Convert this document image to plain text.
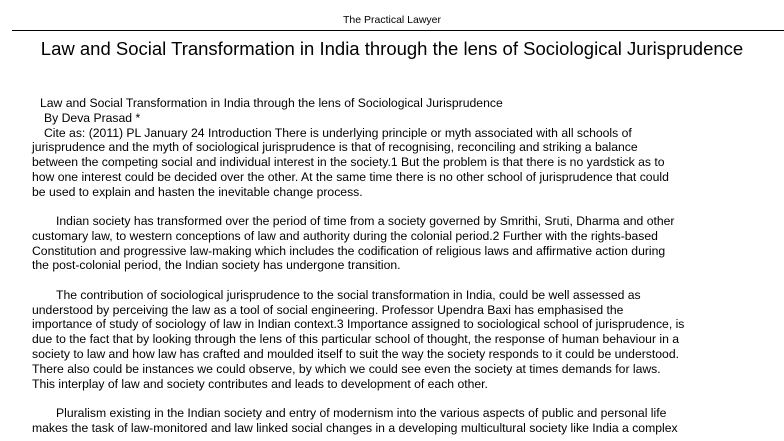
The Practical Lawyer
Law and Social Transformation in India through the lens of Sociological Jurisprudence
Law and Social Transformation in India through the lens of Sociological Jurisprudence
By Deva Prasad *
Cite as: (2011) PL January 24 Introduction There is underlying principle or myth associated with all schools of
jurisprudence and the myth of sociological jurisprudence is that of recognising, reconciling and striking a balance
between the competing social and individual interest in the society.1 But the problem is that there is no yardstick as to
how one interest could be decided over the other. At the same time there is no other school of jurisprudence that could
be used to explain and hasten the inevitable change process.
Indian society has transformed over the period of time from a society governed by Smrithi, Sruti, Dharma and other
customary law, to western conceptions of law and authority during the colonial period.2 Further with the rights-based
Constitution and progressive law-making which includes the codification of religious laws and affirmative action during
the post-colonial period, the Indian society has undergone transition.
The contribution of sociological jurisprudence to the social transformation in India, could be well assessed as
understood by perceiving the law as a tool of social engineering. Professor Upendra Baxi has emphasised the
importance of study of sociology of law in Indian context.3 Importance assigned to sociological school of jurisprudence, is
due to the fact that by looking through the lens of this particular school of thought, the response of human behaviour in a
society to law and how law has crafted and moulded itself to suit the way the society responds to it could be understood.
There also could be instances we could observe, by which we could see even the society at times demands for laws.
This interplay of law and society contributes and leads to development of each other.
Pluralism existing in the Indian society and entry of modernism into the various aspects of public and personal life
makes the task of law-monitored and law linked social changes in a developing multicultural society like India a complex
